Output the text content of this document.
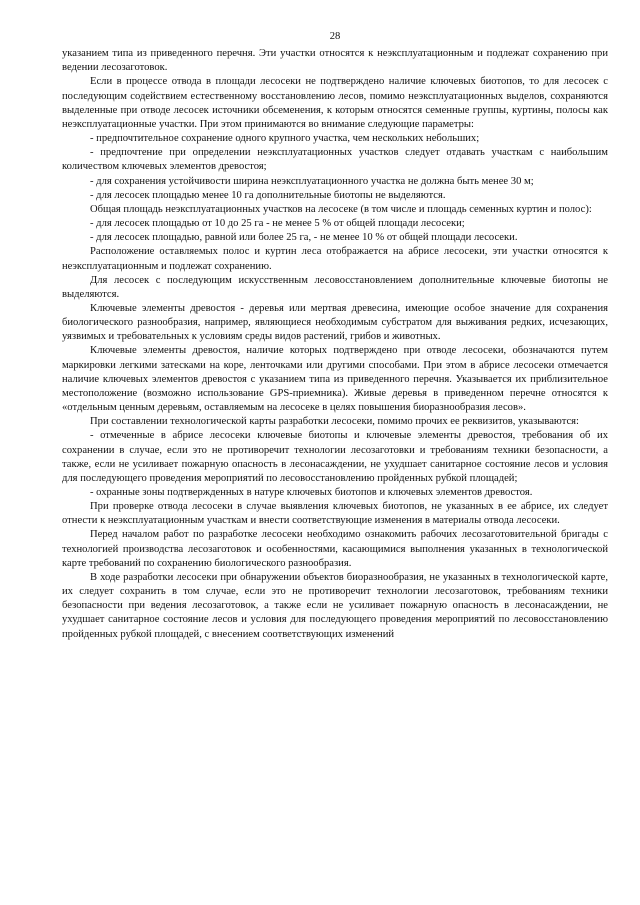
28

указанием типа из приведенного перечня. Эти участки относятся к неэксплуатационным и подлежат сохранению при ведении лесозаготовок.

Если в процессе отвода в площади лесосеки не подтверждено наличие ключевых биотопов, то для лесосек с последующим содействием естественному восстановлению лесов, помимо неэксплуатационных выделов, сохраняются выделенные при отводе лесосек источники обсеменения, к которым относятся семенные группы, куртины, полосы как неэксплуатационные участки. При этом принимаются во внимание следующие параметры:

- предпочтительное сохранение одного крупного участка, чем нескольких небольших;

- предпочтение при определении неэксплуатационных участков следует отдавать участкам с наибольшим количеством ключевых элементов древостоя;

- для сохранения устойчивости ширина неэксплуатационного участка не должна быть менее 30 м;

- для лесосек площадью менее 10 га дополнительные биотопы не выделяются.

Общая площадь неэксплуатационных участков на лесосеке (в том числе и площадь семенных куртин и полос):

- для лесосек площадью от 10 до 25 га - не менее 5 % от общей площади лесосеки;

- для лесосек площадью, равной или более 25 га, - не менее 10 % от общей площади лесосеки.

Расположение оставляемых полос и куртин леса отображается на абрисе лесосеки, эти участки относятся к неэксплуатационным и подлежат сохранению.

Для лесосек с последующим искусственным лесовосстановлением дополнительные ключевые биотопы не выделяются.

Ключевые элементы древостоя - деревья или мертвая древесина, имеющие особое значение для сохранения биологического разнообразия, например, являющиеся необходимым субстратом для выживания редких, исчезающих, уязвимых и требовательных к условиям среды видов растений, грибов и животных.

Ключевые элементы древостоя, наличие которых подтверждено при отводе лесосеки, обозначаются путем маркировки легкими затесками на коре, ленточками или другими способами. При этом в абрисе лесосеки отмечается наличие ключевых элементов древостоя с указанием типа из приведенного перечня. Указывается их приблизительное местоположение (возможно использование GPS-приемника). Живые деревья в приведенном перечне относятся к «отдельным ценным деревьям, оставляемым на лесосеке в целях повышения биоразнообразия лесов».

При составлении технологической карты разработки лесосеки, помимо прочих ее реквизитов, указываются:

- отмеченные в абрисе лесосеки ключевые биотопы и ключевые элементы древостоя, требования об их сохранении в случае, если это не противоречит технологии лесозаготовки и требованиям техники безопасности, а также, если не усиливает пожарную опасность в лесонасаждении, не ухудшает санитарное состояние лесов и условия для последующего проведения мероприятий по лесовосстановлению пройденных рубкой площадей;

- охранные зоны подтвержденных в натуре ключевых биотопов и ключевых элементов древостоя.

При проверке отвода лесосеки в случае выявления ключевых биотопов, не указанных в ее абрисе, их следует отнести к неэксплуатационным участкам и внести соответствующие изменения в материалы отвода лесосеки.

Перед началом работ по разработке лесосеки необходимо ознакомить рабочих лесозаготовительной бригады с технологией производства лесозаготовок и особенностями, касающимися выполнения указанных в технологической карте требований по сохранению биологического разнообразия.

В ходе разработки лесосеки при обнаружении объектов биоразнообразия, не указанных в технологической карте, их следует сохранить в том случае, если это не противоречит технологии лесозаготовок, требованиям техники безопасности при ведения лесозаготовок, а также если не усиливает пожарную опасность в лесонасаждении, не ухудшает санитарное состояние лесов и условия для последующего проведения мероприятий по лесовосстановлению пройденных рубкой площадей, с внесением соответствующих изменений
